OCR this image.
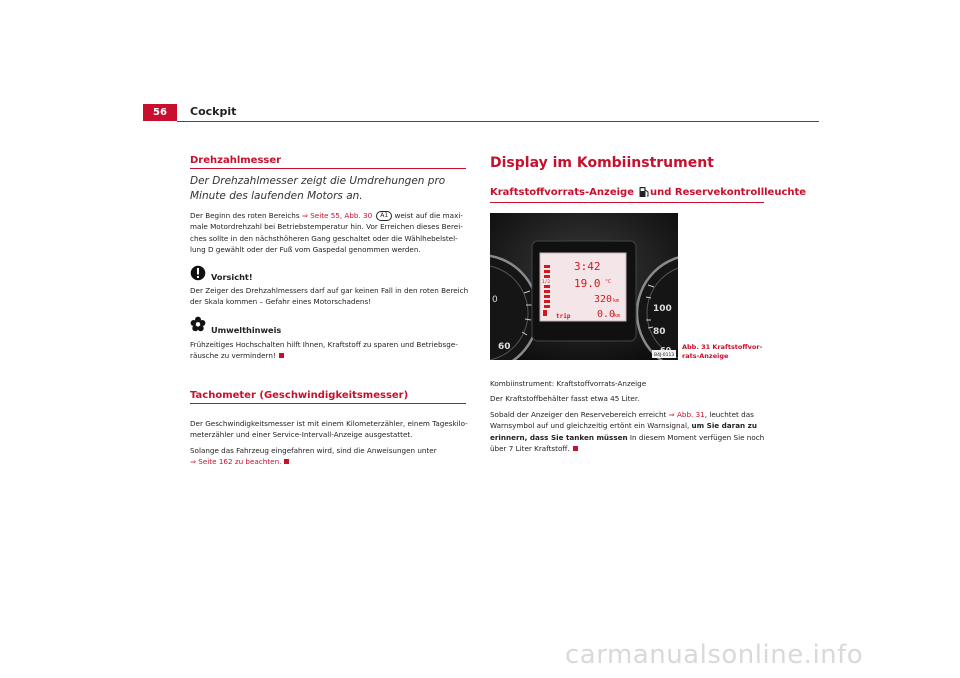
56	Cockpit
Drehzahlmesser
Der Drehzahlmesser zeigt die Umdrehungen pro Minute des laufenden Motors an.
Der Beginn des roten Bereichs ⇒ Seite 55, Abb. 30 A1 weist auf die maximale Motordrehzahl bei Betriebstemperatur hin. Vor Erreichen dieses Bereiches sollte in den nächsthöheren Gang geschaltet oder die Wählhebelstellung D gewählt oder der Fuß vom Gaspedal genommen werden.
Vorsicht!
Der Zeiger des Drehzahlmessers darf auf gar keinen Fall in den roten Bereich der Skala kommen – Gefahr eines Motorschadens!
Umwelthinweis
Frühzeitiges Hochschalten hilft Ihnen, Kraftstoff zu sparen und Betriebsgeräusche zu vermindern!
Tachometer (Geschwindigkeitsmesser)

Der Geschwindigkeitsmesser ist mit einem Kilometerzähler, einem Tageskilometerzähler und einer Service-Intervall-Anzeige ausgestattet.

Solange das Fahrzeug eingefahren wird, sind die Anweisungen unter
⇒ Seite 162 zu beachten.

Display im Kombiinstrument
Kraftstoffvorrats-Anzeige und Reservekontrollleuchte
0
60
100
80
1/2
3:42
19.0 °C
320 km
trip	0.0
km
B4J-0113
Abb. 31 Kraftstoffvorrats-Anzeige

Kombiinstrument: Kraftstoffvorrats-Anzeige

Der Kraftstoffbehälter fasst etwa 45 Liter.

Sobald der Anzeiger den Reservebereich erreicht ⇒ Abb. 31, leuchtet das Warnsymbol auf und gleichzeitig ertönt ein Warnsignal, um Sie daran zu erinnern, dass Sie tanken müssen In diesem Moment verfügen Sie noch über 7 Liter Kraftstoff.

carmanualsonline.info
